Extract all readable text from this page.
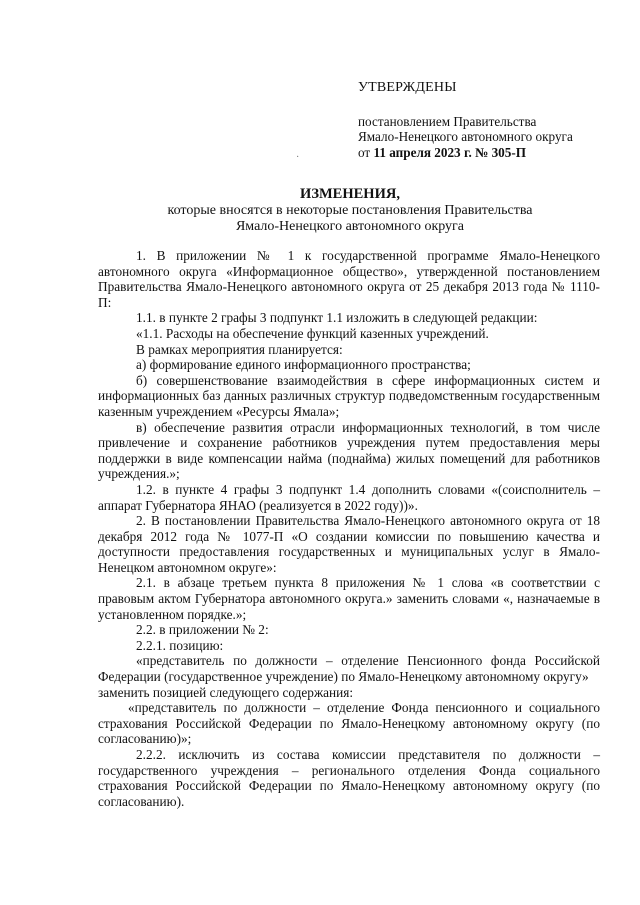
УТВЕРЖДЕНЫ
постановлением Правительства
Ямало-Ненецкого автономного округа
от 11 апреля 2023 г. № 305-П
·
ИЗМЕНЕНИЯ,
которые вносятся в некоторые постановления Правительства
Ямало-Ненецкого автономного округа

1. В приложении № 1 к государственной программе Ямало-Ненецкого автономного округа «Информационное общество», утвержденной постановлением Правительства Ямало-Ненецкого автономного округа от 25 декабря 2013 года № 1110-П:

1.1. в пункте 2 графы 3 подпункт 1.1 изложить в следующей редакции:

«1.1. Расходы на обеспечение функций казенных учреждений.

В рамках мероприятия планируется:

а) формирование единого информационного пространства;

б) совершенствование взаимодействия в сфере информационных систем и информационных баз данных различных структур подведомственным государственным казенным учреждением «Ресурсы Ямала»;

в) обеспечение развития отрасли информационных технологий, в том числе привлечение и сохранение работников учреждения путем предоставления меры поддержки в виде компенсации найма (поднайма) жилых помещений для работников учреждения.»;

1.2. в пункте 4 графы 3 подпункт 1.4 дополнить словами «(соисполнитель – аппарат Губернатора ЯНАО (реализуется в 2022 году))».

2. В постановлении Правительства Ямало-Ненецкого автономного округа от 18 декабря 2012 года № 1077-П «О создании комиссии по повышению качества и доступности предоставления государственных и муниципальных услуг в Ямало-Ненецком автономном округе»:

2.1. в абзаце третьем пункта 8 приложения № 1 слова «в соответствии с правовым актом Губернатора автономного округа.» заменить словами «, назначаемые в установленном порядке.»;

2.2. в приложении № 2:

2.2.1. позицию:

«представитель по должности – отделение Пенсионного фонда Российской Федерации (государственное учреждение) по Ямало-Ненецкому автономному округу»

заменить позицией следующего содержания:

«представитель по должности – отделение Фонда пенсионного и социального страхования Российской Федерации по Ямало-Ненецкому автономному округу (по согласованию)»;

2.2.2. исключить из состава комиссии представителя по должности – государственного учреждения – регионального отделения Фонда социального страхования Российской Федерации по Ямало-Ненецкому автономному округу (по согласованию).
